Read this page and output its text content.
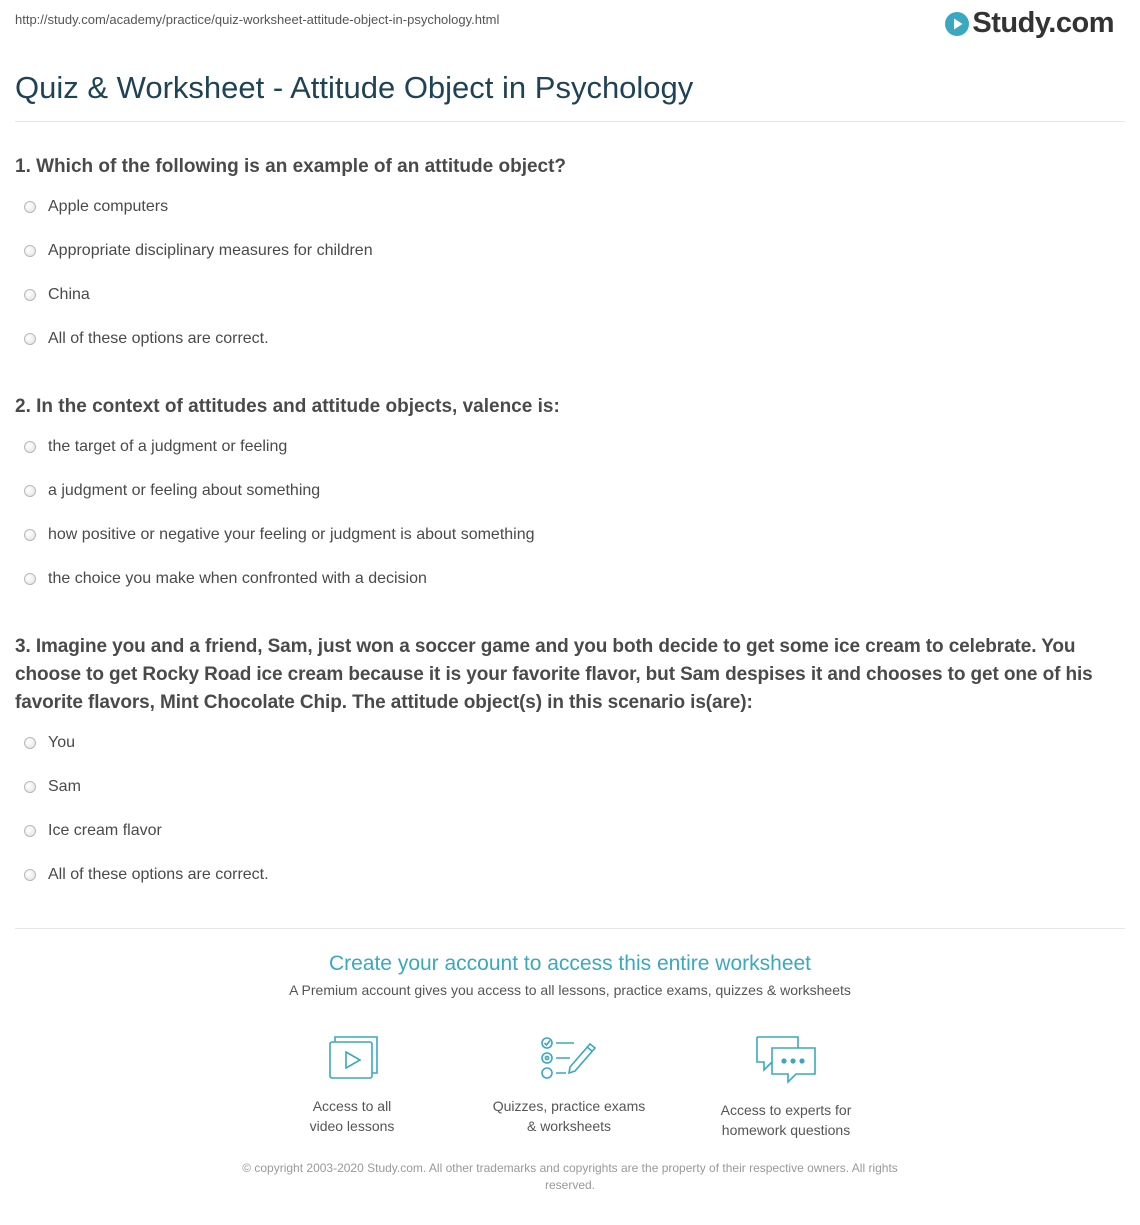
http://study.com/academy/practice/quiz-worksheet-attitude-object-in-psychology.html	Study.com
Quiz & Worksheet - Attitude Object in Psychology

1. Which of the following is an example of an attitude object?

Apple computers
Appropriate disciplinary measures for children
China
All of these options are correct.

2. In the context of attitudes and attitude objects, valence is:

the target of a judgment or feeling
a judgment or feeling about something
how positive or negative your feeling or judgment is about something
the choice you make when confronted with a decision

3. Imagine you and a friend, Sam, just won a soccer game and you both decide to get some ice cream to celebrate. You choose to get Rocky Road ice cream because it is your favorite flavor, but Sam despises it and chooses to get one of his favorite flavors, Mint Chocolate Chip. The attitude object(s) in this scenario is(are):

You
Sam
Ice cream flavor
All of these options are correct.

Create your account to access this entire worksheet

A Premium account gives you access to all lessons, practice exams, quizzes & worksheets
Access to all
video lessons
Quizzes, practice exams
& worksheets
Access to experts for
homework questions
© copyright 2003-2020 Study.com. All other trademarks and copyrights are the property of their respective owners. All rights
reserved.
